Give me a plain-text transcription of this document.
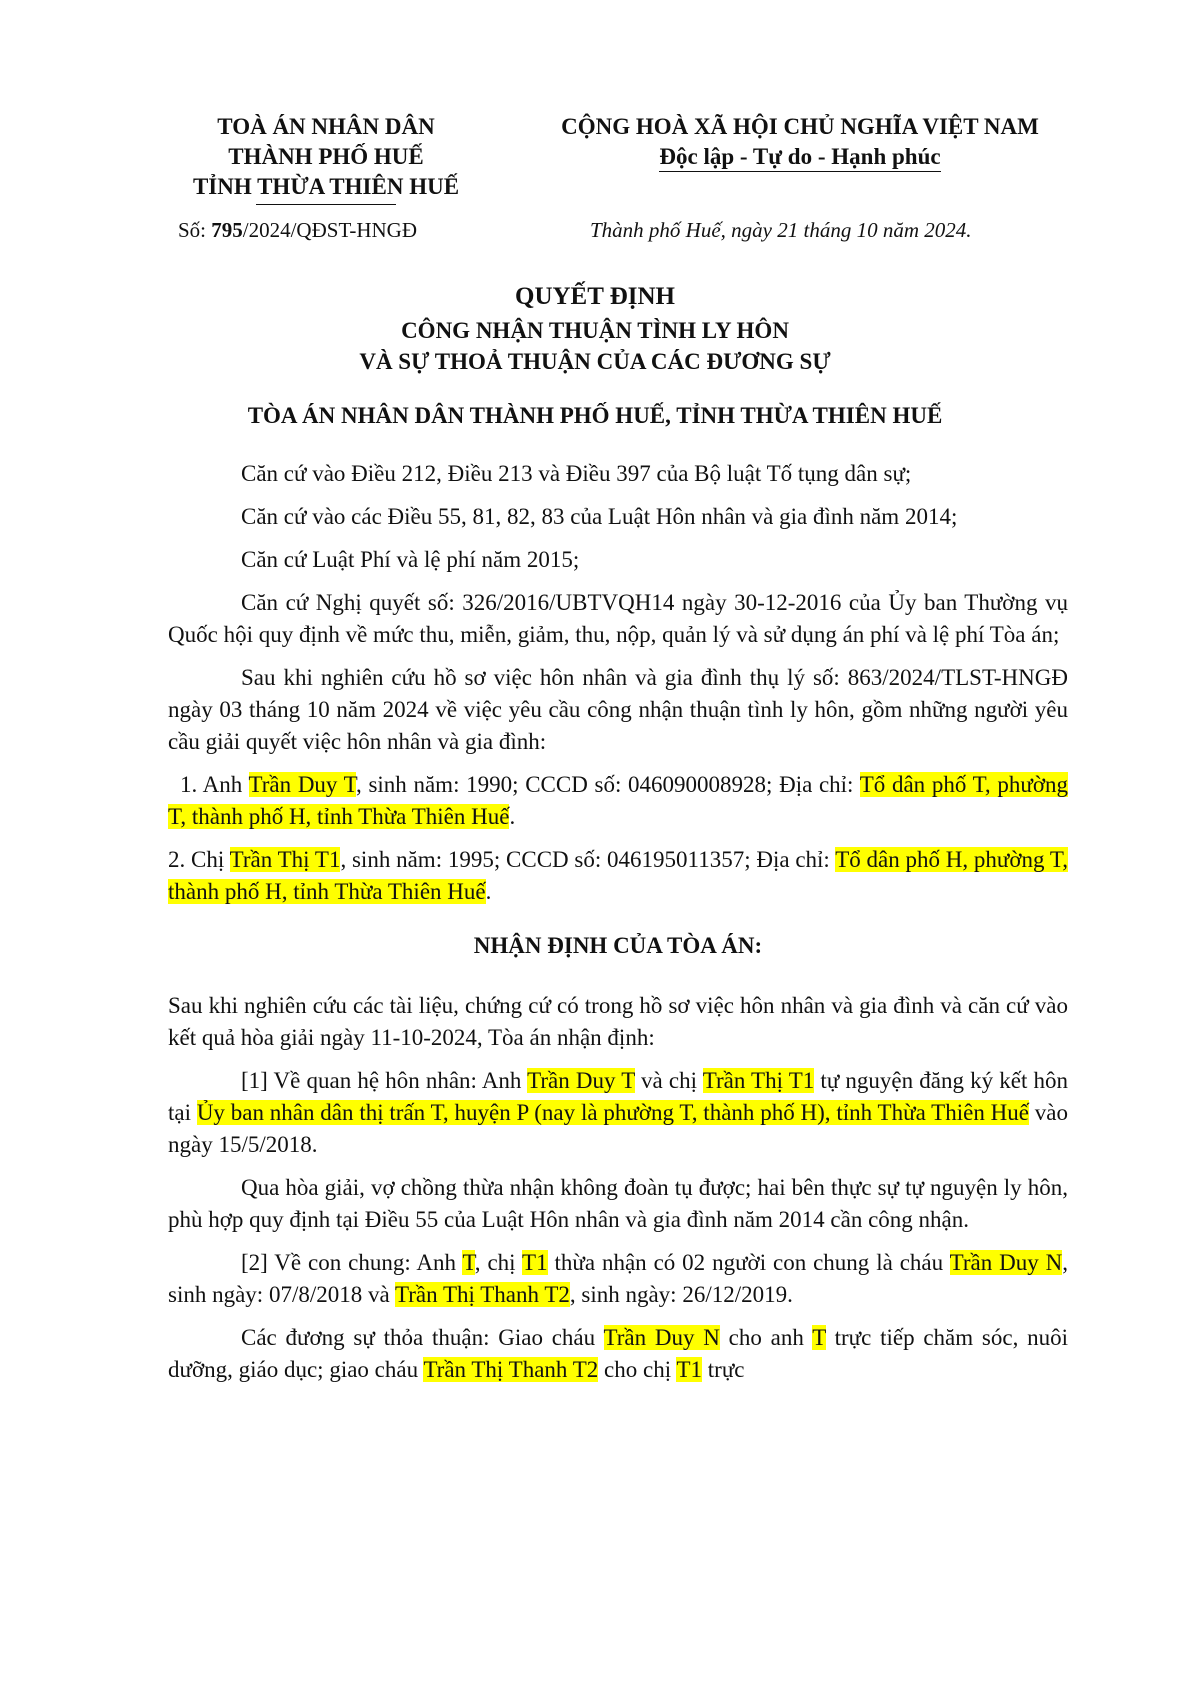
TOÀ ÁN NHÂN DÂN
THÀNH PHỐ HUẾ
TỈNH THỪA THIÊN HUẾ
CỘNG HOÀ XÃ HỘI CHỦ NGHĨA VIỆT NAM
Độc lập - Tự do - Hạnh phúc
Số: 795/2024/QĐST-HNGĐ	Thành phố Huế, ngày 21 tháng 10 năm 2024.
QUYẾT ĐỊNH
CÔNG NHẬN THUẬN TÌNH LY HÔN
VÀ SỰ THOẢ THUẬN CỦA CÁC ĐƯƠNG SỰ
TÒA ÁN NHÂN DÂN THÀNH PHỐ HUẾ, TỈNH THỪA THIÊN HUẾ

Căn cứ vào Điều 212, Điều 213 và Điều 397 của Bộ luật Tố tụng dân sự;

Căn cứ vào các Điều 55, 81, 82, 83 của Luật Hôn nhân và gia đình năm 2014;

Căn cứ Luật Phí và lệ phí năm 2015;

Căn cứ Nghị quyết số: 326/2016/UBTVQH14 ngày 30-12-2016 của Ủy ban Thường vụ Quốc hội quy định về mức thu, miễn, giảm, thu, nộp, quản lý và sử dụng án phí và lệ phí Tòa án;

Sau khi nghiên cứu hồ sơ việc hôn nhân và gia đình thụ lý số: 863/2024/TLST-HNGĐ ngày 03 tháng 10 năm 2024 về việc yêu cầu công nhận thuận tình ly hôn, gồm những người yêu cầu giải quyết việc hôn nhân và gia đình:

1. Anh Trần Duy T, sinh năm: 1990; CCCD số: 046090008928; Địa chỉ: Tổ dân phố T, phường T, thành phố H, tỉnh Thừa Thiên Huế.

2. Chị Trần Thị T1, sinh năm: 1995; CCCD số: 046195011357; Địa chỉ: Tổ dân phố H, phường T, thành phố H, tỉnh Thừa Thiên Huế.

NHẬN ĐỊNH CỦA TÒA ÁN:

Sau khi nghiên cứu các tài liệu, chứng cứ có trong hồ sơ việc hôn nhân và gia đình và căn cứ vào kết quả hòa giải ngày 11-10-2024, Tòa án nhận định:

[1] Về quan hệ hôn nhân: Anh Trần Duy T và chị Trần Thị T1 tự nguyện đăng ký kết hôn tại Ủy ban nhân dân thị trấn T, huyện P (nay là phường T, thành phố H), tỉnh Thừa Thiên Huế vào ngày 15/5/2018.

Qua hòa giải, vợ chồng thừa nhận không đoàn tụ được; hai bên thực sự tự nguyện ly hôn, phù hợp quy định tại Điều 55 của Luật Hôn nhân và gia đình năm 2014 cần công nhận.

[2] Về con chung: Anh T, chị T1 thừa nhận có 02 người con chung là cháu Trần Duy N, sinh ngày: 07/8/2018 và Trần Thị Thanh T2, sinh ngày: 26/12/2019.

Các đương sự thỏa thuận: Giao cháu Trần Duy N cho anh T trực tiếp chăm sóc, nuôi dưỡng, giáo dục; giao cháu Trần Thị Thanh T2 cho chị T1 trực
